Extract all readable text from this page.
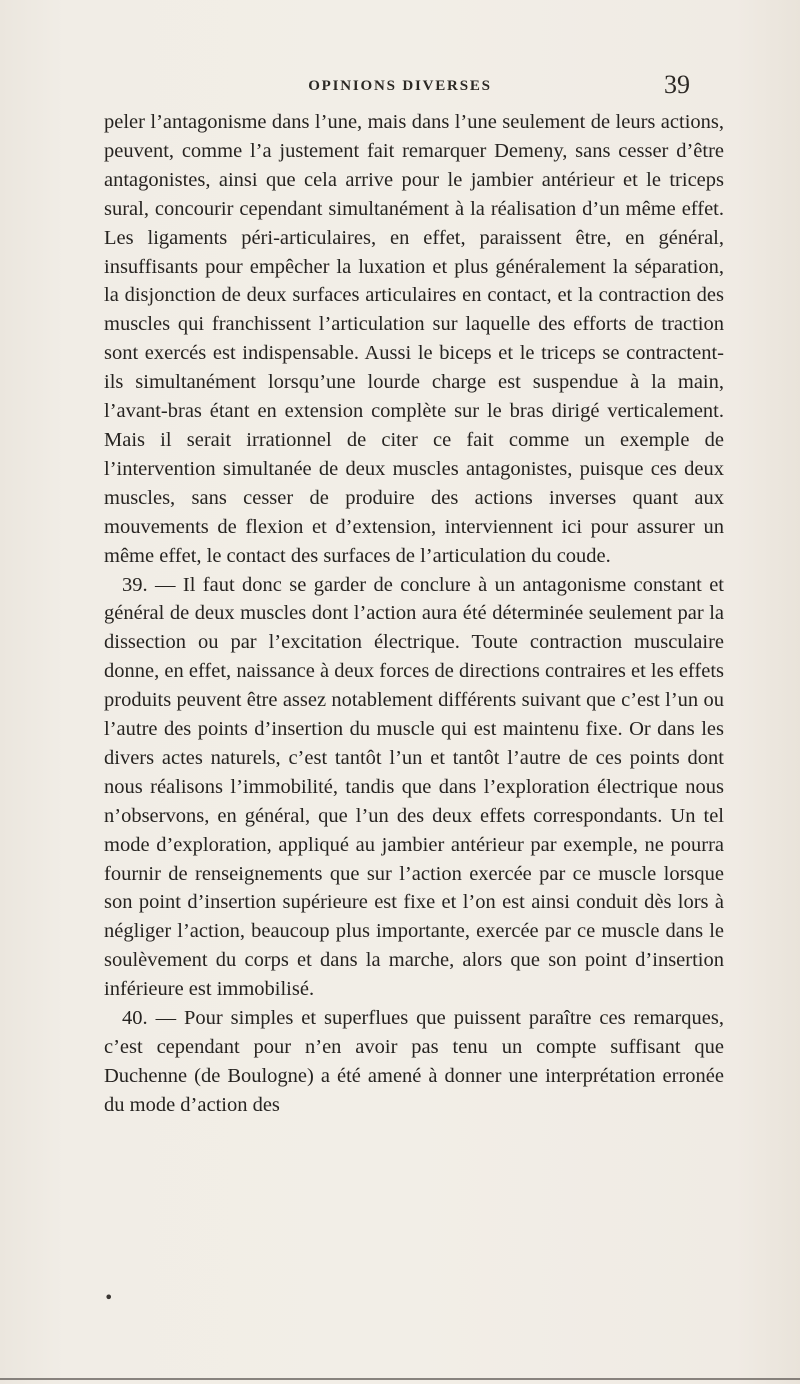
OPINIONS DIVERSES	39

peler l’antagonisme dans l’une, mais dans l’une seulement de leurs actions, peuvent, comme l’a justement fait remarquer Demeny, sans cesser d’être antagonistes, ainsi que cela arrive pour le jambier antérieur et le triceps sural, concourir cependant simultanément à la réalisation d’un même effet. Les ligaments péri-articulaires, en effet, paraissent être, en général, insuffisants pour empêcher la luxation et plus généralement la séparation, la disjonction de deux surfaces articulaires en contact, et la contraction des muscles qui franchissent l’articulation sur laquelle des efforts de traction sont exercés est indispensable. Aussi le biceps et le triceps se contractent-ils simultanément lorsqu’une lourde charge est suspendue à la main, l’avant-bras étant en extension complète sur le bras dirigé verticalement. Mais il serait irrationnel de citer ce fait comme un exemple de l’intervention simultanée de deux muscles antagonistes, puisque ces deux muscles, sans cesser de produire des actions inverses quant aux mouvements de flexion et d’extension, interviennent ici pour assurer un même effet, le contact des surfaces de l’articulation du coude.

39. — Il faut donc se garder de conclure à un antagonisme constant et général de deux muscles dont l’action aura été déterminée seulement par la dissection ou par l’excitation électrique. Toute contraction musculaire donne, en effet, naissance à deux forces de directions contraires et les effets produits peuvent être assez notablement différents suivant que c’est l’un ou l’autre des points d’insertion du muscle qui est maintenu fixe. Or dans les divers actes naturels, c’est tantôt l’un et tantôt l’autre de ces points dont nous réalisons l’immobilité, tandis que dans l’exploration électrique nous n’observons, en général, que l’un des deux effets correspondants. Un tel mode d’exploration, appliqué au jambier antérieur par exemple, ne pourra fournir de renseignements que sur l’action exercée par ce muscle lorsque son point d’insertion supérieure est fixe et l’on est ainsi conduit dès lors à négliger l’action, beaucoup plus importante, exercée par ce muscle dans le soulèvement du corps et dans la marche, alors que son point d’insertion inférieure est immobilisé.

40. — Pour simples et superflues que puissent paraître ces remarques, c’est cependant pour n’en avoir pas tenu un compte suffisant que Duchenne (de Boulogne) a été amené à donner une interprétation erronée du mode d’action des

•
